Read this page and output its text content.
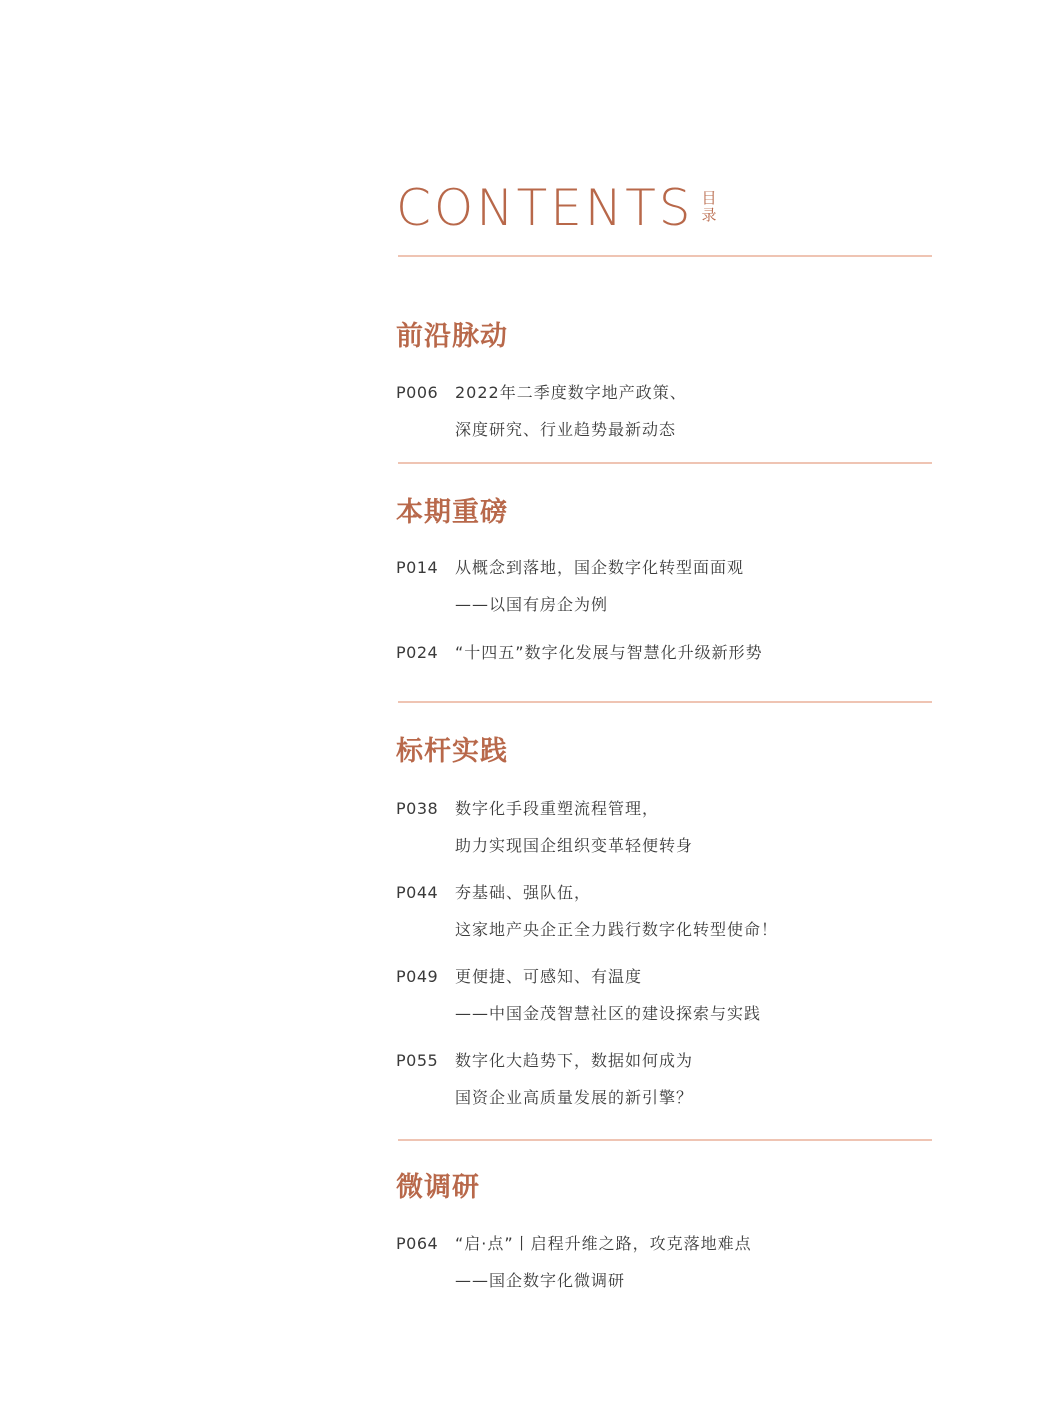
CONTENTS 目
录
前沿脉动
P006	2022年二季度数字地产政策、
深度研究、行业趋势最新动态
本期重磅
P014	从概念到落地，国企数字化转型面面观
——以国有房企为例
P024	“十四五”数字化发展与智慧化升级新形势
标杆实践
P038	数字化手段重塑流程管理，
助力实现国企组织变革轻便转身
P044	夯基础、强队伍，
这家地产央企正全力践行数字化转型使命！
P049	更便捷、可感知、有温度
——中国金茂智慧社区的建设探索与实践
P055	数字化大趋势下，数据如何成为
国资企业高质量发展的新引擎？
微调研
P064	“启·点”丨启程升维之路，攻克落地难点
——国企数字化微调研
